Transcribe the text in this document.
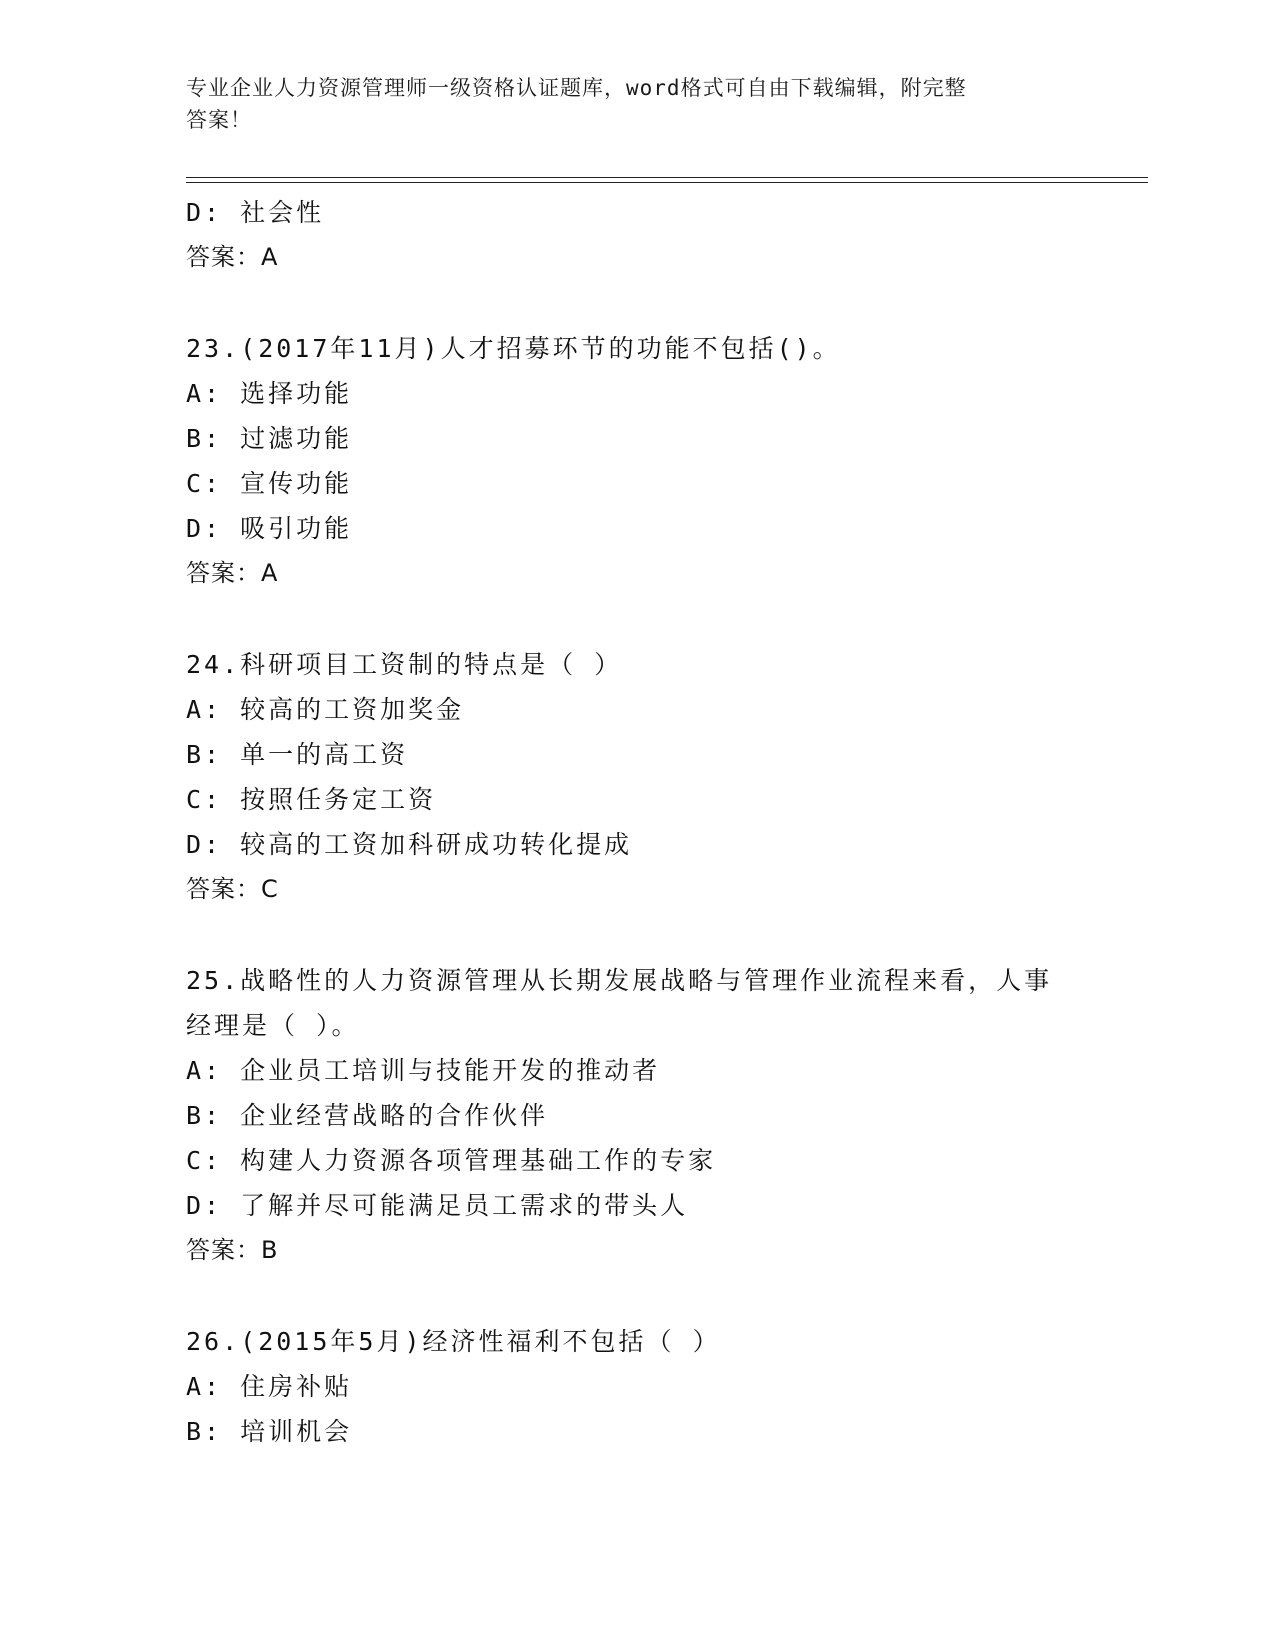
专业企业人力资源管理师一级资格认证题库，word格式可自由下载编辑，附完整
答案！
D: 社会性
答案：A
23.(2017年11月)人才招募环节的功能不包括()。
A: 选择功能
B: 过滤功能
C: 宣传功能
D: 吸引功能
答案：A
24.科研项目工资制的特点是（ ）
A: 较高的工资加奖金
B: 单一的高工资
C: 按照任务定工资
D: 较高的工资加科研成功转化提成
答案：C
25.战略性的人力资源管理从长期发展战略与管理作业流程来看，人事
经理是（ ）。
A: 企业员工培训与技能开发的推动者
B: 企业经营战略的合作伙伴
C: 构建人力资源各项管理基础工作的专家
D: 了解并尽可能满足员工需求的带头人
答案：B
26.(2015年5月)经济性福利不包括（ ）
A: 住房补贴
B: 培训机会
